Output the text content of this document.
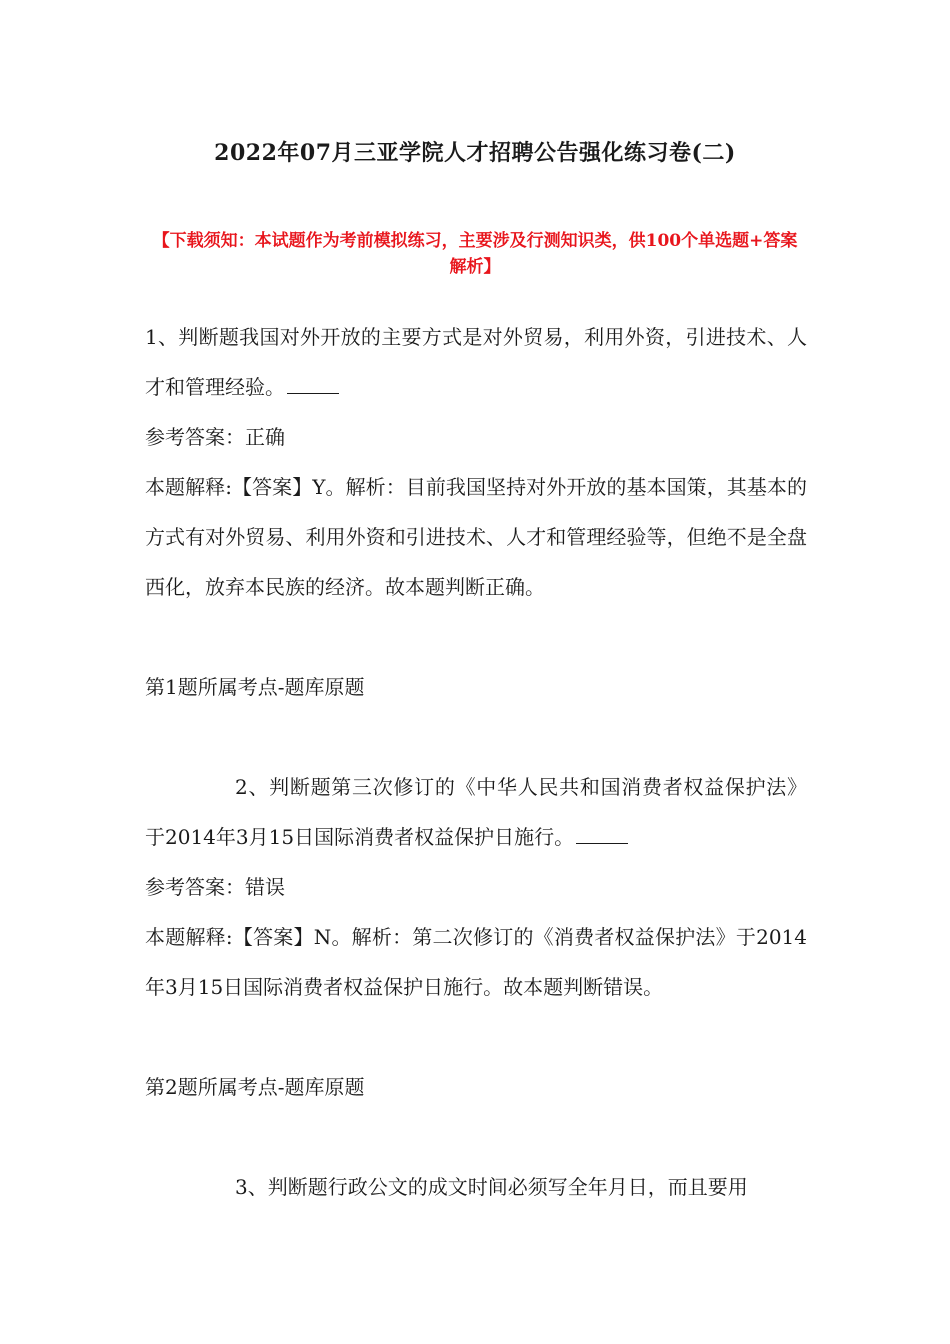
2022年07月三亚学院人才招聘公告强化练习卷(二)
【下载须知：本试题作为考前模拟练习，主要涉及行测知识类，供100个单选题+答案解析】

1、判断题我国对外开放的主要方式是对外贸易，利用外资，引进技术、人才和管理经验。

参考答案：正确

本题解释:【答案】Y。解析：目前我国坚持对外开放的基本国策，其基本的方式有对外贸易、利用外资和引进技术、人才和管理经验等，但绝不是全盘西化，放弃本民族的经济。故本题判断正确。

第1题所属考点-题库原题

2、判断题第三次修订的《中华人民共和国消费者权益保护法》于2014年3月15日国际消费者权益保护日施行。

参考答案：错误

本题解释:【答案】N。解析：第二次修订的《消费者权益保护法》于2014年3月15日国际消费者权益保护日施行。故本题判断错误。

第2题所属考点-题库原题

3、判断题行政公文的成文时间必须写全年月日，而且要用
